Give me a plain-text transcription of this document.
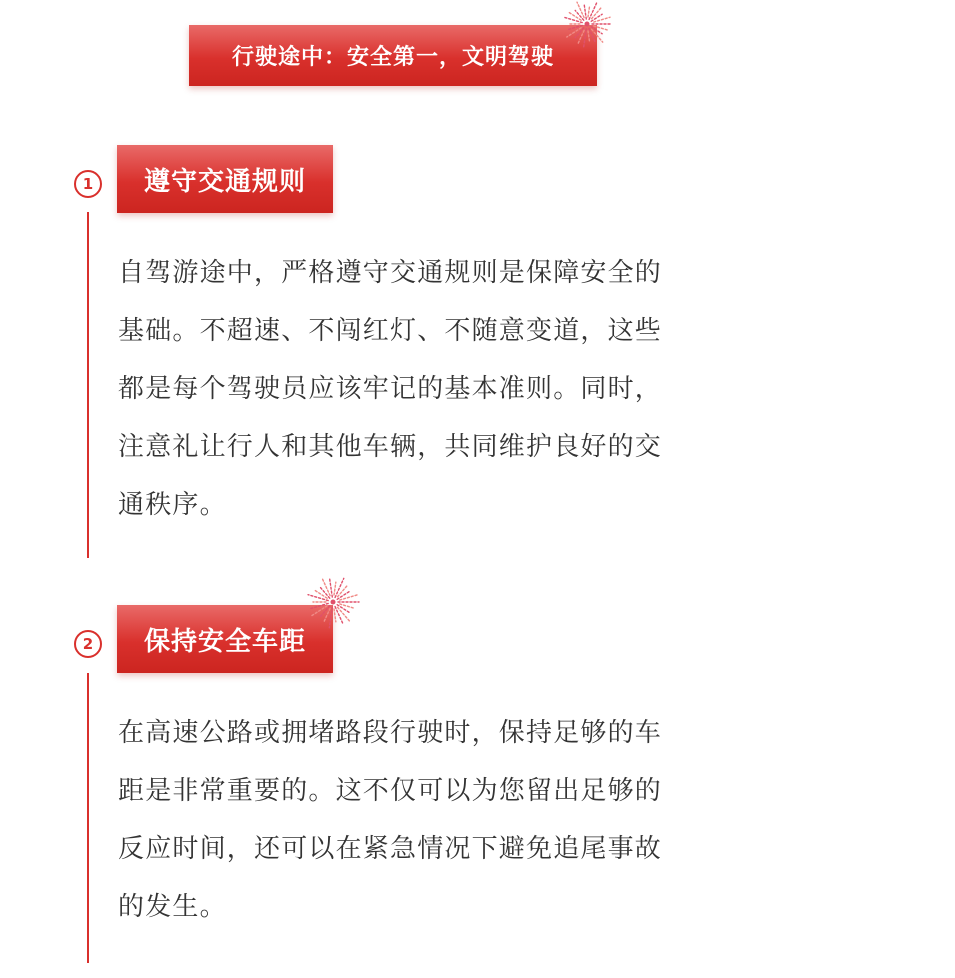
行驶途中：安全第一，文明驾驶
1 遵守交通规则

自驾游途中，严格遵守交通规则是保障安全的基础。不超速、不闯红灯、不随意变道，这些都是每个驾驶员应该牢记的基本准则。同时，注意礼让行人和其他车辆，共同维护良好的交通秩序。

2 保持安全车距

在高速公路或拥堵路段行驶时，保持足够的车距是非常重要的。这不仅可以为您留出足够的反应时间，还可以在紧急情况下避免追尾事故的发生。
